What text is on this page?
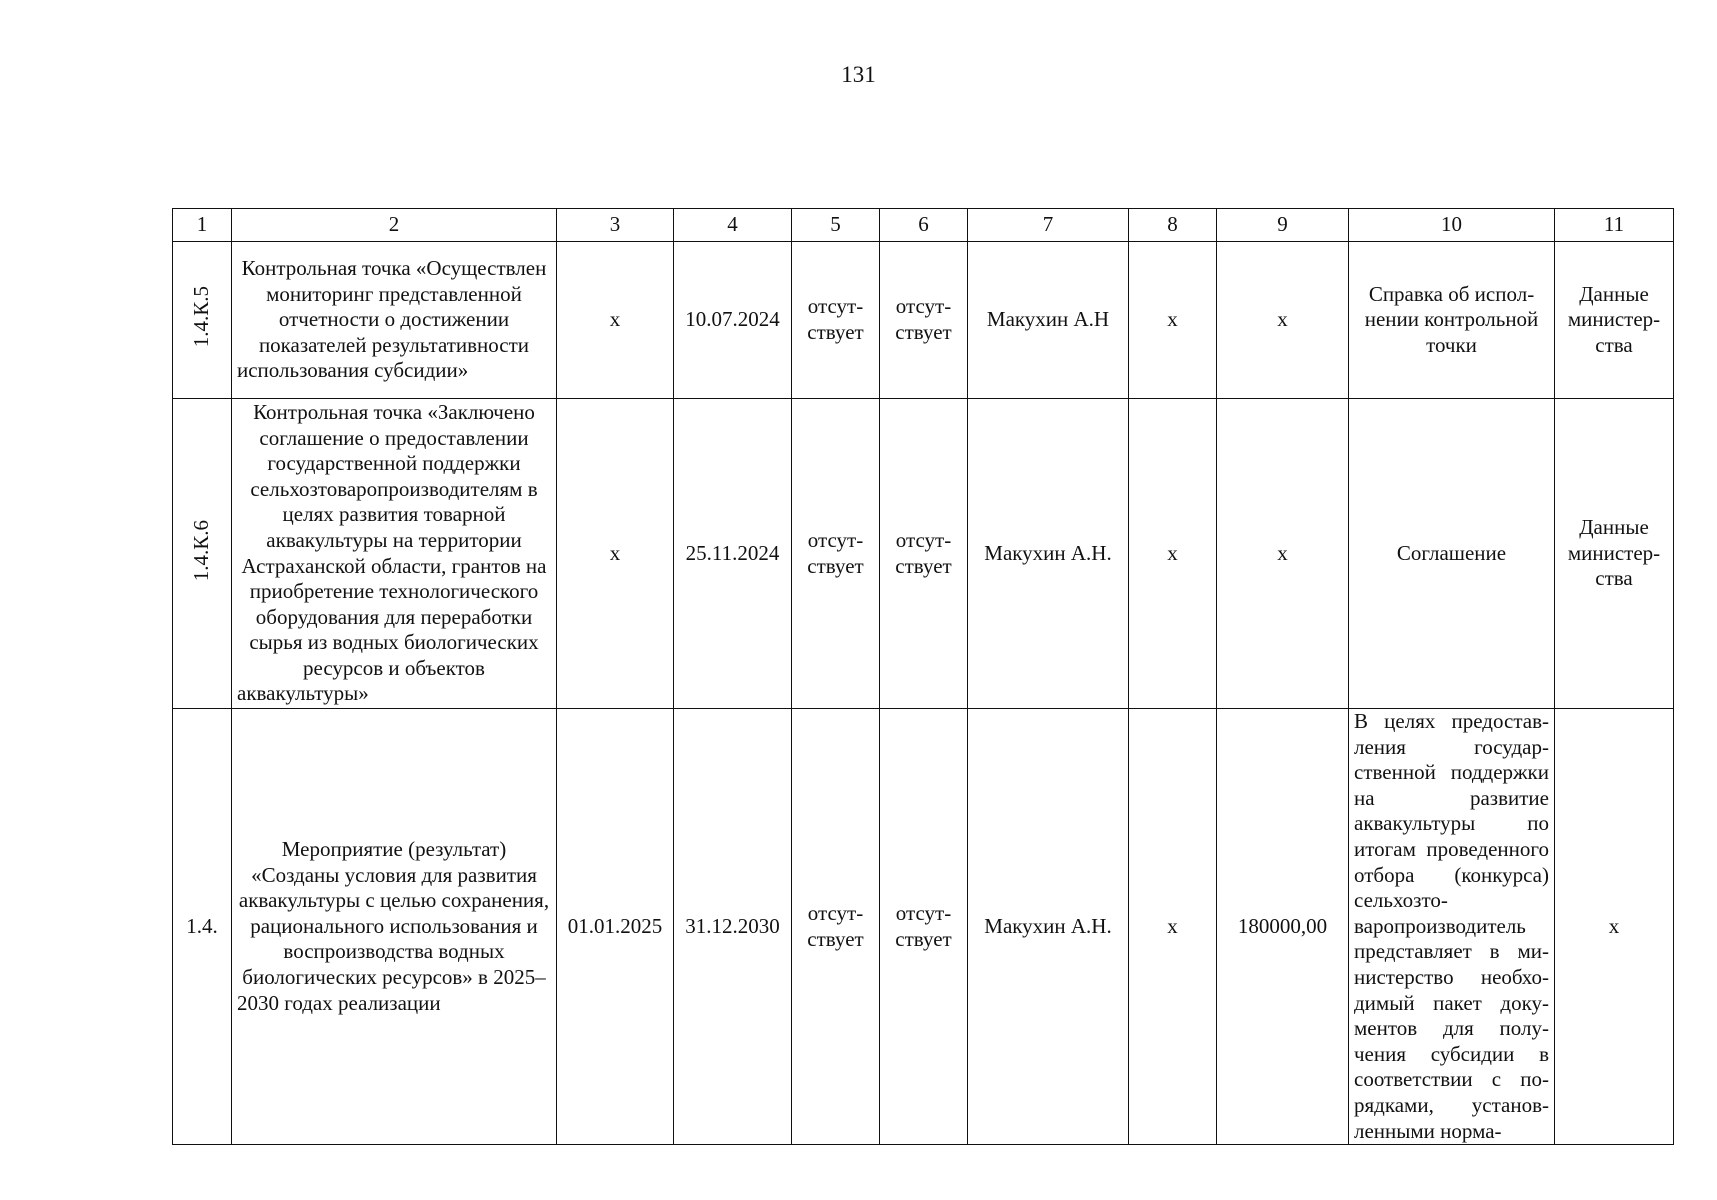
131
1	2	3	4	5	6	7	8	9	10	11
1.4.К.5	Контрольная точка «Осуществлен мониторинг представленной отчетности о достижении показателей результативности использования субсидии»	x	10.07.2024	отсутствует	отсутствует	Макухин А.Н	x	x	Справка об исполнении контрольной точки	Данные министерства
1.4.К.6	Контрольная точка «Заключено соглашение о предоставлении государственной поддержки сельхозтоваропроизводителям в целях развития товарной аквакультуры на территории Астраханской области, грантов на приобретение технологического оборудования для переработки сырья из водных биологических ресурсов и объектов аквакультуры»	x	25.11.2024	отсутствует	отсутствует	Макухин А.Н.	x	x	Соглашение	Данные министерства
1.4.	Мероприятие (результат) «Созданы условия для развития аквакультуры с целью сохранения, рационального использования и воспроизводства водных биологических ресурсов» в 2025–2030 годах реализации	01.01.2025	31.12.2030	отсутствует	отсутствует	Макухин А.Н.	x	180000,00	В целях предоставления государственной поддержки на развитие аквакультуры по итогам проведенного отбора (конкурса) сельхозтоваропроизводитель представляет в министерство необходимый пакет документов для получения субсидии в соответствии с порядками, установленными норма-	x
